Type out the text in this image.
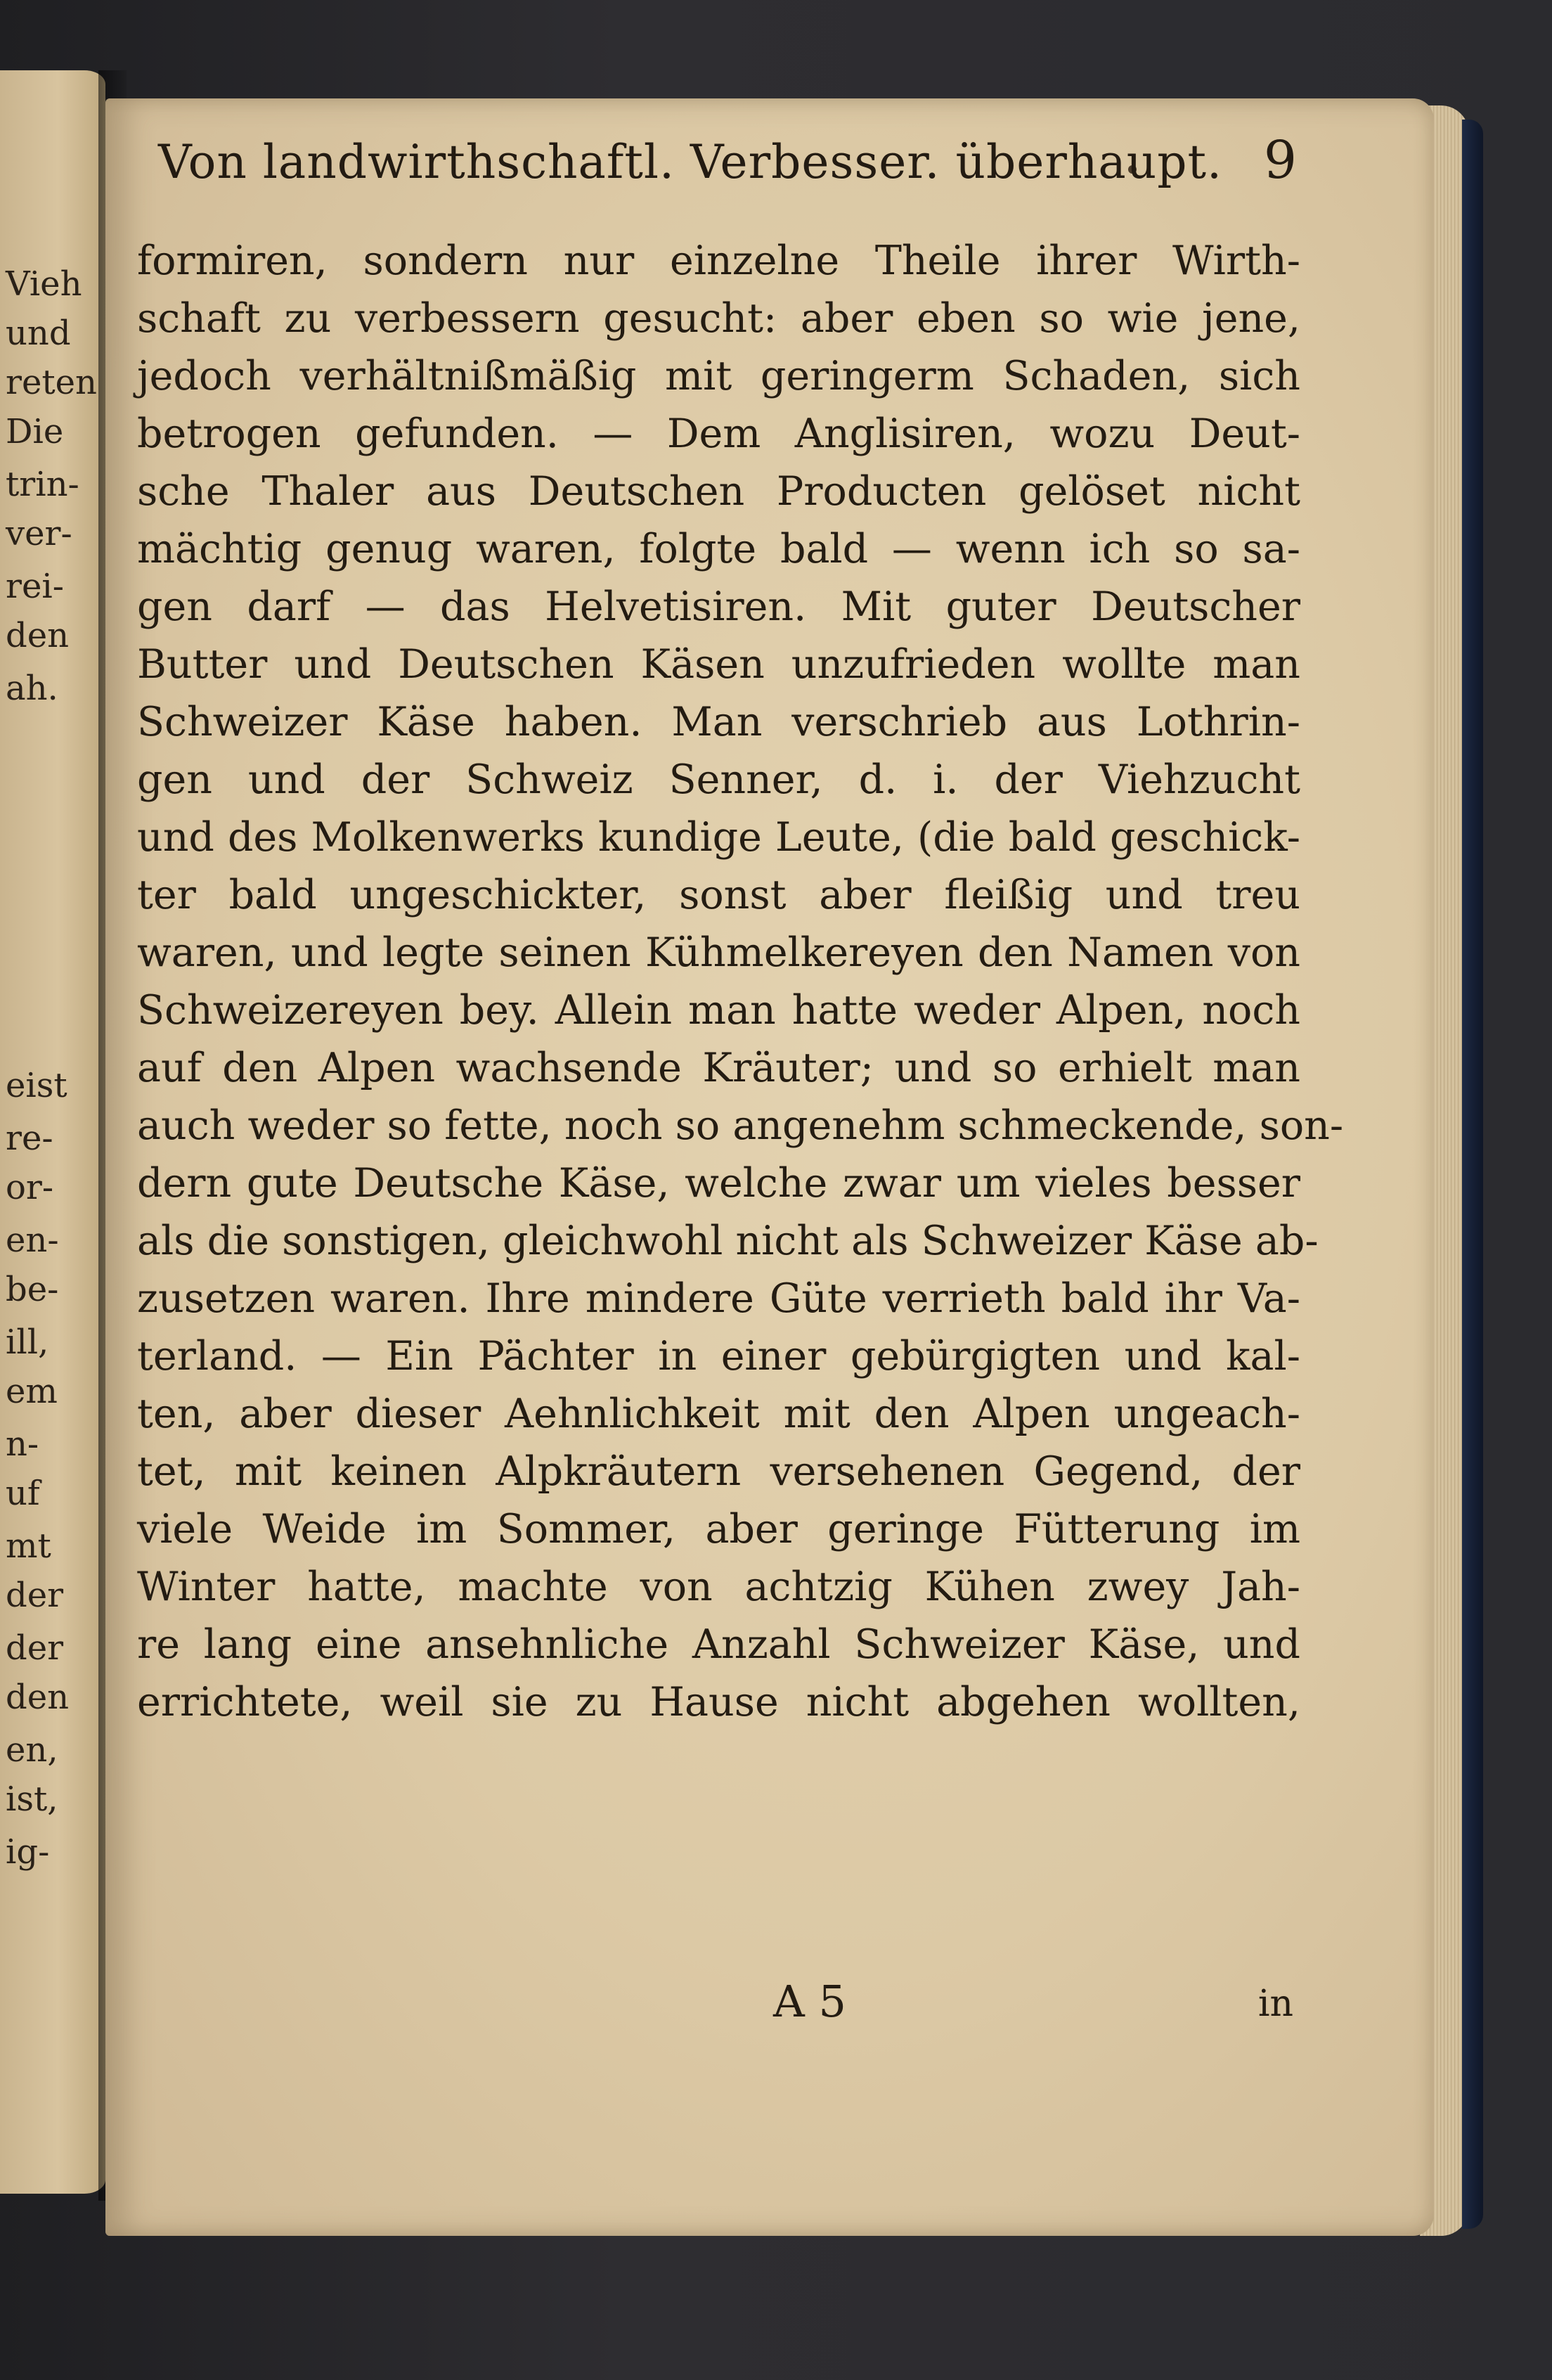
Vieh
und
reten
Die
trin-
ver-
rei-
den
ah.
eist
re-
or-
en-
be-
ill,
em
n-
uf
mt
der
der
den
en,
ist,
ig-
Von landwirthschaftl. Verbesser. überhaupt. 9
formiren, sondern nur einzelne Theile ihrer Wirth-
schaft zu verbessern gesucht: aber eben so wie jene,
jedoch verhältnißmäßig mit geringerm Schaden, sich
betrogen gefunden. — Dem Anglisiren, wozu Deut-
sche Thaler aus Deutschen Producten gelöset nicht
mächtig genug waren, folgte bald — wenn ich so sa-
gen darf — das Helvetisiren. Mit guter Deutscher
Butter und Deutschen Käsen unzufrieden wollte man
Schweizer Käse haben. Man verschrieb aus Lothrin-
gen und der Schweiz Senner, d. i. der Viehzucht
und des Molkenwerks kundige Leute, (die bald geschick-
ter bald ungeschickter, sonst aber fleißig und treu
waren, und legte seinen Kühmelkereyen den Namen von
Schweizereyen bey. Allein man hatte weder Alpen, noch
auf den Alpen wachsende Kräuter; und so erhielt man
auch weder so fette, noch so angenehm schmeckende, son-
dern gute Deutsche Käse, welche zwar um vieles besser
als die sonstigen, gleichwohl nicht als Schweizer Käse ab-
zusetzen waren. Ihre mindere Güte verrieth bald ihr Va-
terland. — Ein Pächter in einer gebürgigten und kal-
ten, aber dieser Aehnlichkeit mit den Alpen ungeach-
tet, mit keinen Alpkräutern versehenen Gegend, der
viele Weide im Sommer, aber geringe Fütterung im
Winter hatte, machte von achtzig Kühen zwey Jah-
re lang eine ansehnliche Anzahl Schweizer Käse, und
errichtete, weil sie zu Hause nicht abgehen wollten,
A 5	in
